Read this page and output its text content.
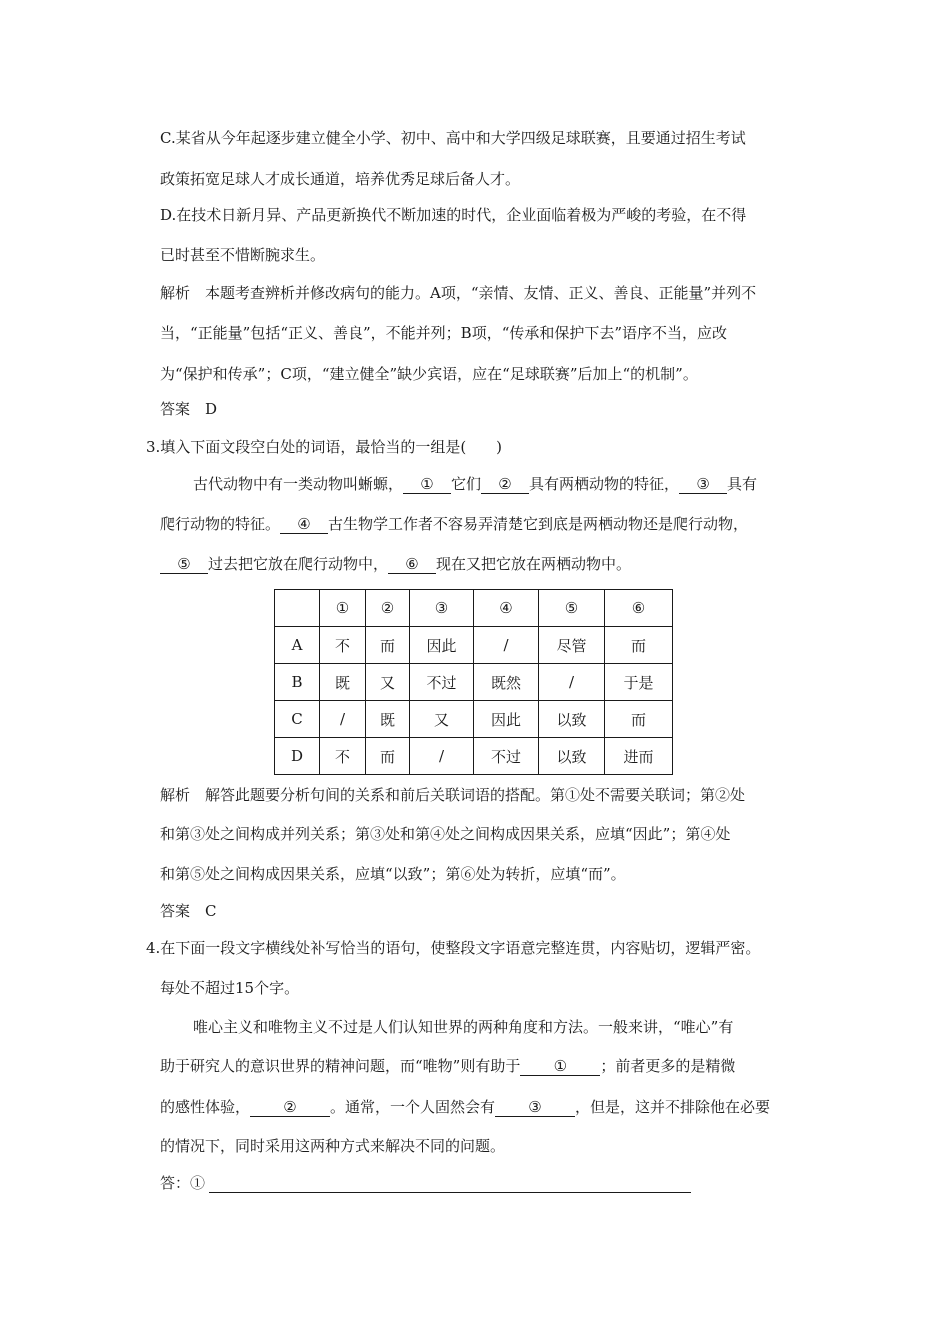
C.某省从今年起逐步建立健全小学、初中、高中和大学四级足球联赛，且要通过招生考试
政策拓宽足球人才成长通道，培养优秀足球后备人才。
D.在技术日新月异、产品更新换代不断加速的时代，企业面临着极为严峻的考验，在不得
已时甚至不惜断腕求生。
解析　本题考查辨析并修改病句的能力。A项，“亲情、友情、正义、善良、正能量”并列不
当，“正能量”包括“正义、善良”，不能并列；B项，“传承和保护下去”语序不当，应改
为“保护和传承”；C项，“建立健全”缺少宾语，应在“足球联赛”后加上“的机制”。
答案　D
3.填入下面文段空白处的词语，最恰当的一组是(　　)
古代动物中有一类动物叫蜥螈， ① 它们 ② 具有两栖动物的特征， ③ 具有
爬行动物的特征。 ④ 古生物学工作者不容易弄清楚它到底是两栖动物还是爬行动物，
⑤ 过去把它放在爬行动物中， ⑥ 现在又把它放在两栖动物中。
	①	②	③	④	⑤	⑥
A	不	而	因此	/	尽管	而
B	既	又	不过	既然	/	于是
C	/	既	又	因此	以致	而
D	不	而	/	不过	以致	进而
解析　解答此题要分析句间的关系和前后关联词语的搭配。第①处不需要关联词；第②处
和第③处之间构成并列关系；第③处和第④处之间构成因果关系，应填“因此”；第④处
和第⑤处之间构成因果关系，应填“以致”；第⑥处为转折，应填“而”。
答案　C
4.在下面一段文字横线处补写恰当的语句，使整段文字语意完整连贯，内容贴切，逻辑严密。
每处不超过15个字。
唯心主义和唯物主义不过是人们认知世界的两种角度和方法。一般来讲，“唯心”有
助于研究人的意识世界的精神问题，而“唯物”则有助于 ① ；前者更多的是精微
的感性体验， ② 。通常，一个人固然会有 ③ ，但是，这并不排除他在必要
的情况下，同时采用这两种方式来解决不同的问题。
答：①
